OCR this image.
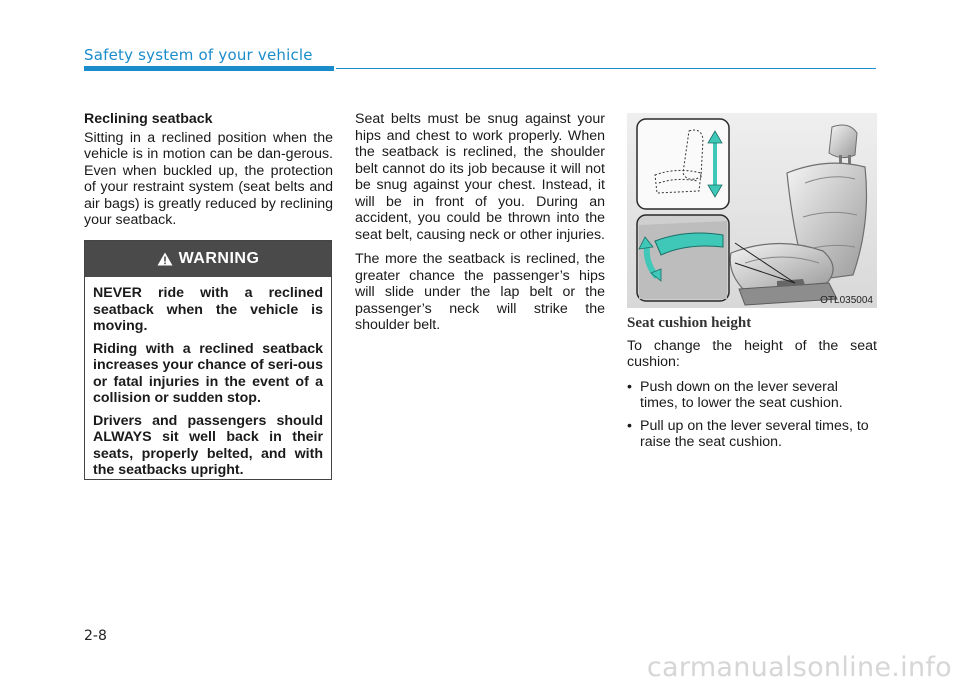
Safety system of your vehicle

Reclining seatback

Sitting in a reclined position when the vehicle is in motion can be dan-gerous. Even when buckled up, the protection of your restraint system (seat belts and air bags) is greatly reduced by reclining your seatback.

WARNING

NEVER ride with a reclined seatback when the vehicle is moving.

Riding with a reclined seatback increases your chance of seri-ous or fatal injuries in the event of a collision or sudden stop.

Drivers and passengers should ALWAYS sit well back in their seats, properly belted, and with the seatbacks upright.

Seat belts must be snug against your hips and chest to work properly. When the seatback is reclined, the shoulder belt cannot do its job because it will not be snug against your chest. Instead, it will be in front of you. During an accident, you could be thrown into the seat belt, causing neck or other injuries.

The more the seatback is reclined, the greater chance the passenger’s hips will slide under the lap belt or the passenger’s neck will strike the shoulder belt.

OTL035004

Seat cushion height

To change the height of the seat cushion:

• Push down on the lever several times, to lower the seat cushion.
• Pull up on the lever several times, to raise the seat cushion.
2-8
carmanualsonline.info
